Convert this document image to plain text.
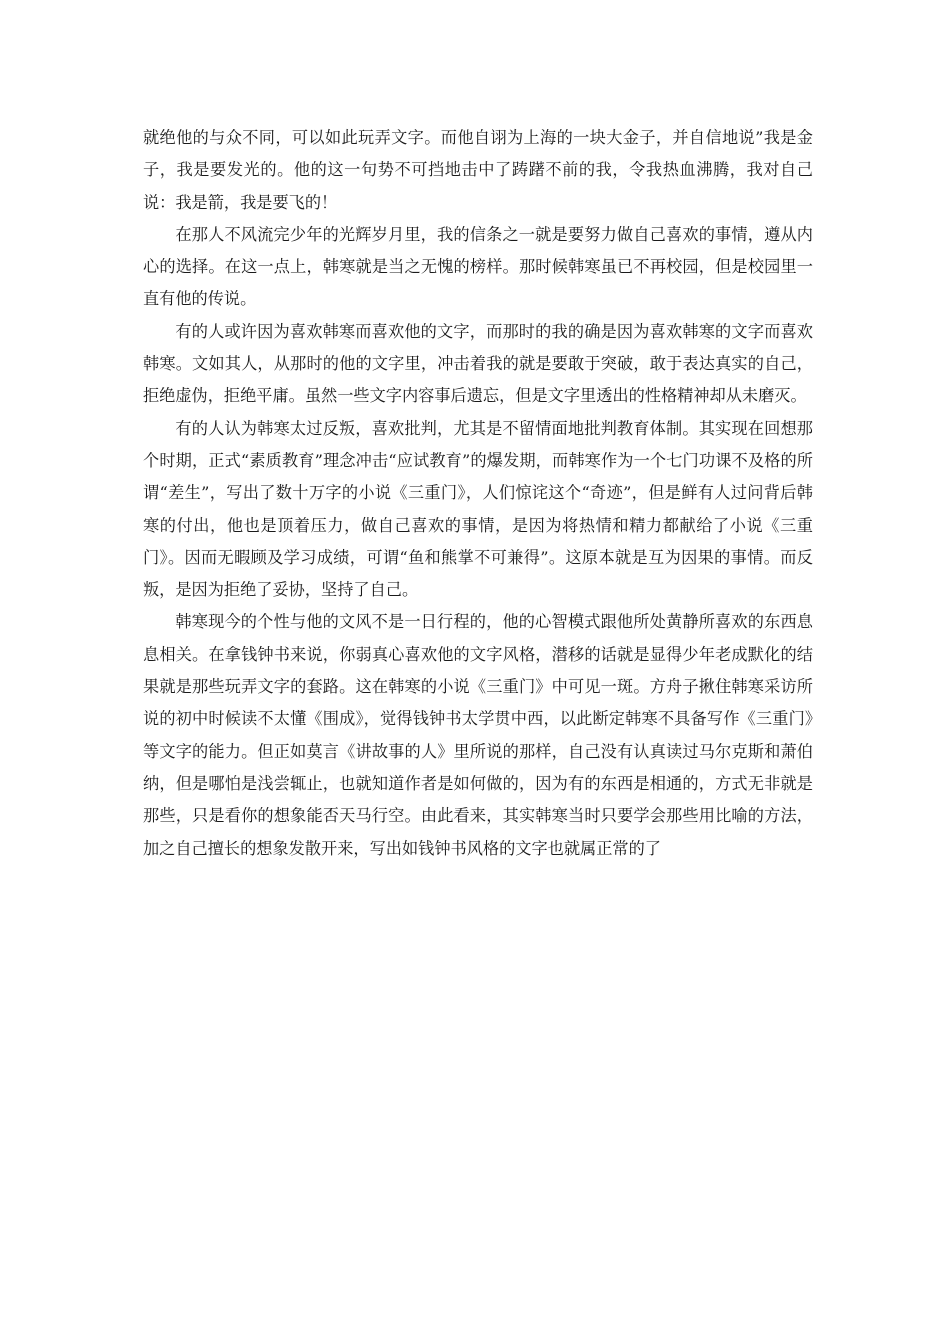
就绝他的与众不同，可以如此玩弄文字。而他自诩为上海的一块大金子，并自信地说”我是金子，我是要发光的。他的这一句势不可挡地击中了踌躇不前的我，令我热血沸腾，我对自己说：我是箭，我是要飞的！

在那人不风流完少年的光辉岁月里，我的信条之一就是要努力做自己喜欢的事情，遵从内心的选择。在这一点上，韩寒就是当之无愧的榜样。那时候韩寒虽已不再校园，但是校园里一直有他的传说。

有的人或许因为喜欢韩寒而喜欢他的文字，而那时的我的确是因为喜欢韩寒的文字而喜欢韩寒。文如其人，从那时的他的文字里，冲击着我的就是要敢于突破，敢于表达真实的自己，拒绝虚伪，拒绝平庸。虽然一些文字内容事后遗忘，但是文字里透出的性格精神却从未磨灭。

有的人认为韩寒太过反叛，喜欢批判，尤其是不留情面地批判教育体制。其实现在回想那个时期，正式“素质教育”理念冲击“应试教育”的爆发期，而韩寒作为一个七门功课不及格的所谓“差生”，写出了数十万字的小说《三重门》，人们惊诧这个“奇迹”，但是鲜有人过问背后韩寒的付出，他也是顶着压力，做自己喜欢的事情，是因为将热情和精力都献给了小说《三重门》。因而无暇顾及学习成绩，可谓“鱼和熊掌不可兼得”。这原本就是互为因果的事情。而反叛，是因为拒绝了妥协，坚持了自己。

韩寒现今的个性与他的文风不是一日行程的，他的心智模式跟他所处黄静所喜欢的东西息息相关。在拿钱钟书来说，你弱真心喜欢他的文字风格，潜移的话就是显得少年老成默化的结果就是那些玩弄文字的套路。这在韩寒的小说《三重门》中可见一斑。方舟子揪住韩寒采访所说的初中时候读不太懂《围成》，觉得钱钟书太学贯中西，以此断定韩寒不具备写作《三重门》等文字的能力。但正如莫言《讲故事的人》里所说的那样，自己没有认真读过马尔克斯和萧伯纳，但是哪怕是浅尝辄止，也就知道作者是如何做的，因为有的东西是相通的，方式无非就是那些，只是看你的想象能否天马行空。由此看来，其实韩寒当时只要学会那些用比喻的方法，加之自己擅长的想象发散开来，写出如钱钟书风格的文字也就属正常的了
